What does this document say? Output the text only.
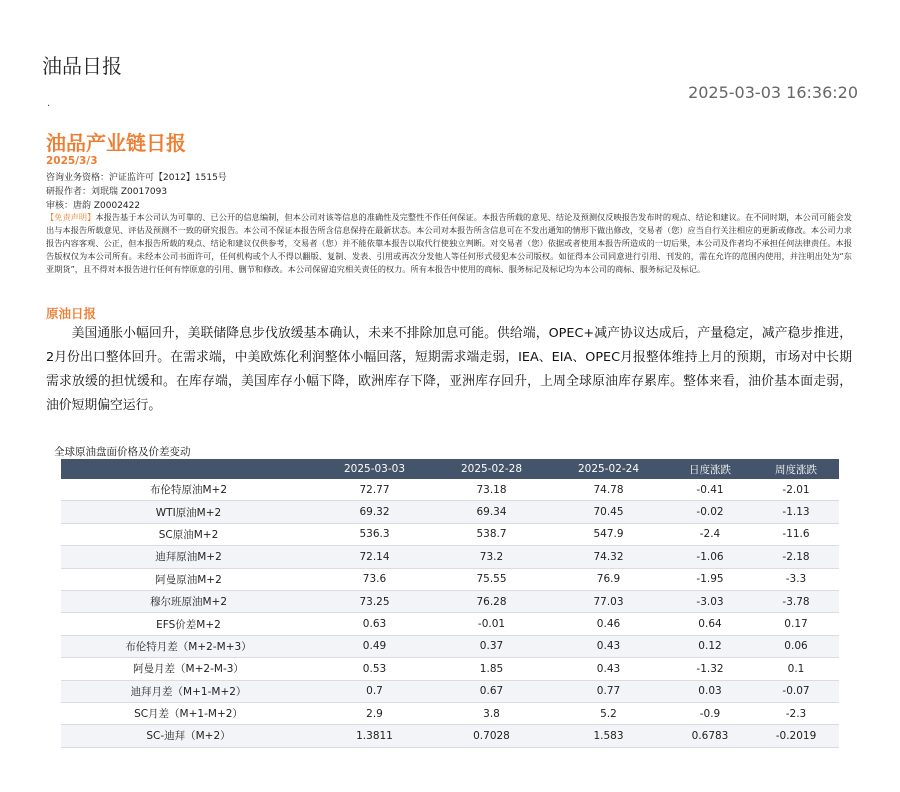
油品日报
2025-03-03 16:36:20
.
油品产业链日报
2025/3/3
咨询业务资格：沪证监许可【2012】1515号
研报作者：刘珉瑞 Z0017093
审核：唐韵 Z0002422
【免责声明】本报告基于本公司认为可靠的、已公开的信息编制，但本公司对该等信息的准确性及完整性不作任何保证。本报告所载的意见、结论及预测仅反映报告发布时的观点、结论和建议。在不同时期，本公司可能会发出与本报告所载意见、评估及预测不一致的研究报告。本公司不保证本报告所含信息保持在最新状态。本公司对本报告所含信息可在不发出通知的情形下做出修改，交易者（您）应当自行关注相应的更新或修改。本公司力求报告内容客观、公正，但本报告所载的观点、结论和建议仅供参考，交易者（您）并不能依靠本报告以取代行使独立判断。对交易者（您）依据或者使用本报告所造成的一切后果，本公司及作者均不承担任何法律责任。本报告版权仅为本公司所有。未经本公司书面许可，任何机构或个人不得以翻版、复制、发表、引用或再次分发他人等任何形式侵犯本公司版权。如征得本公司同意进行引用、刊发的，需在允许的范围内使用，并注明出处为“东亚期货”，且不得对本报告进行任何有悖原意的引用、删节和修改。本公司保留追究相关责任的权力。所有本报告中使用的商标、服务标记及标记均为本公司的商标、服务标记及标记。
原油日报
美国通胀小幅回升，美联储降息步伐放缓基本确认，未来不排除加息可能。供给端，OPEC+减产协议达成后，产量稳定，减产稳步推进，2月份出口整体回升。在需求端，中美欧炼化利润整体小幅回落，短期需求端走弱，IEA、EIA、OPEC月报整体维持上月的预期，市场对中长期需求放缓的担忧缓和。在库存端，美国库存小幅下降，欧洲库存下降，亚洲库存回升，上周全球原油库存累库。整体来看，油价基本面走弱，油价短期偏空运行。
全球原油盘面价格及价差变动
	2025-03-03	2025-02-28	2025-02-24	日度涨跌	周度涨跌
布伦特原油M+2	72.77	73.18	74.78	-0.41	-2.01
WTI原油M+2	69.32	69.34	70.45	-0.02	-1.13
SC原油M+2	536.3	538.7	547.9	-2.4	-11.6
迪拜原油M+2	72.14	73.2	74.32	-1.06	-2.18
阿曼原油M+2	73.6	75.55	76.9	-1.95	-3.3
穆尔班原油M+2	73.25	76.28	77.03	-3.03	-3.78
EFS价差M+2	0.63	-0.01	0.46	0.64	0.17
布伦特月差（M+2-M+3）	0.49	0.37	0.43	0.12	0.06
阿曼月差（M+2-M-3）	0.53	1.85	0.43	-1.32	0.1
迪拜月差（M+1-M+2）	0.7	0.67	0.77	0.03	-0.07
SC月差（M+1-M+2）	2.9	3.8	5.2	-0.9	-2.3
SC-迪拜（M+2）	1.3811	0.7028	1.583	0.6783	-0.2019
